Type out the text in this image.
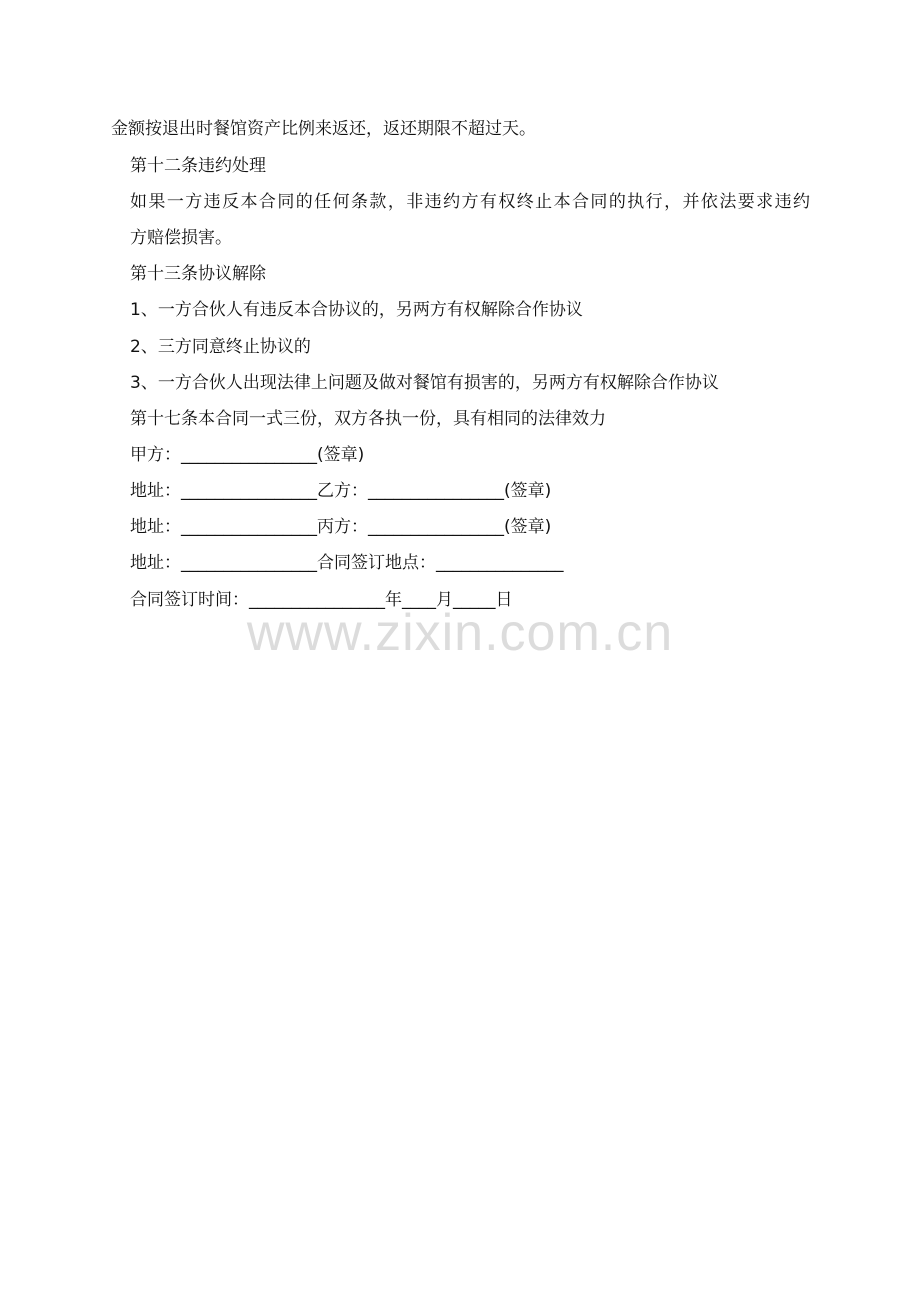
金额按退出时餐馆资产比例来返还，返还期限不超过天。
第十二条违约处理
如果一方违反本合同的任何条款，非违约方有权终止本合同的执行，并依法要求违约
方赔偿损害。
第十三条协议解除
1、一方合伙人有违反本合协议的，另两方有权解除合作协议
2、三方同意终止协议的
3、一方合伙人出现法律上问题及做对餐馆有损害的，另两方有权解除合作协议
第十七条本合同一式三份，双方各执一份，具有相同的法律效力
甲方：________________(签章)
地址：________________乙方：________________(签章)
地址：________________丙方：________________(签章)
地址：________________合同签订地点：_______________
合同签订时间：________________年____月_____日
www.zixin.com.cn
